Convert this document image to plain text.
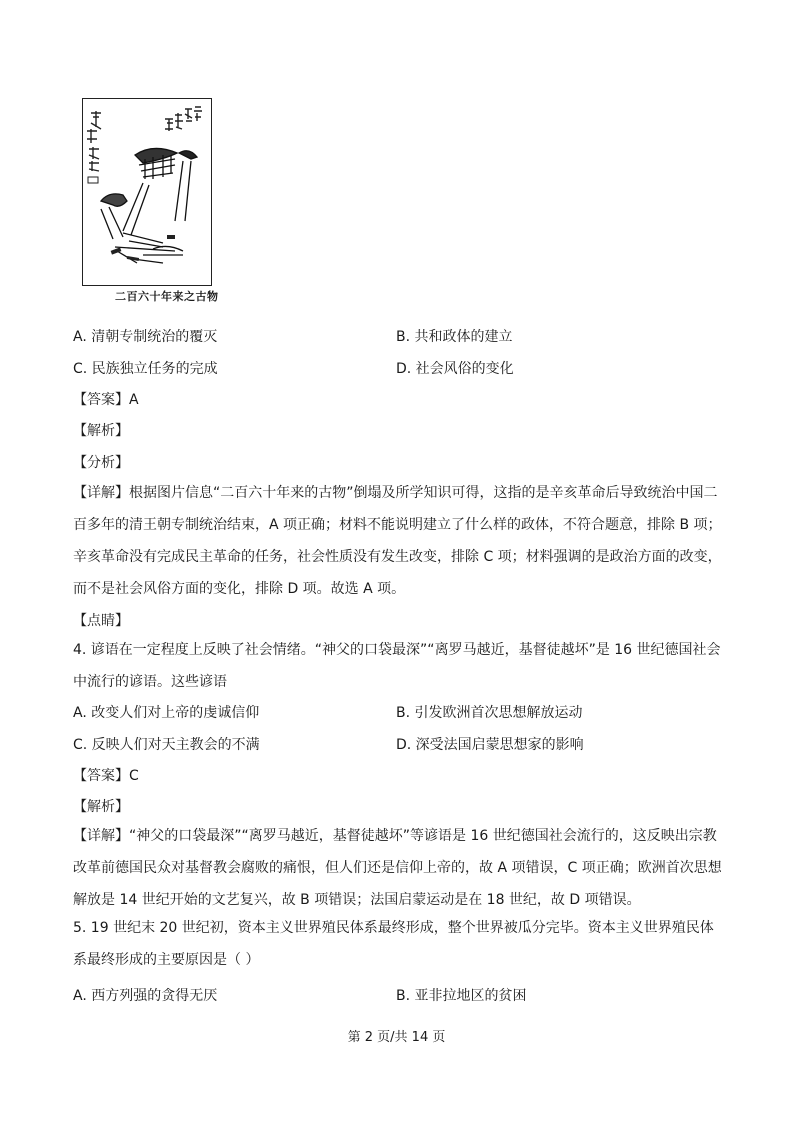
二百六十年来之古物
A. 清朝专制统治的覆灭	B. 共和政体的建立
C. 民族独立任务的完成	D. 社会风俗的变化
【答案】A
【解析】
【分析】
【详解】根据图片信息“二百六十年来的古物”倒塌及所学知识可得，这指的是辛亥革命后导致统治中国二百多年的清王朝专制统治结束，A 项正确；材料不能说明建立了什么样的政体，不符合题意，排除 B 项；辛亥革命没有完成民主革命的任务，社会性质没有发生改变，排除 C 项；材料强调的是政治方面的改变，而不是社会风俗方面的变化，排除 D 项。故选 A 项。
【点睛】
4. 谚语在一定程度上反映了社会情绪。“神父的口袋最深”“离罗马越近，基督徒越坏”是 16 世纪德国社会中流行的谚语。这些谚语
A. 改变人们对上帝的虔诚信仰	B. 引发欧洲首次思想解放运动
C. 反映人们对天主教会的不满	D. 深受法国启蒙思想家的影响
【答案】C
【解析】
【详解】“神父的口袋最深”“离罗马越近，基督徒越坏”等谚语是 16 世纪德国社会流行的，这反映出宗教改革前德国民众对基督教会腐败的痛恨，但人们还是信仰上帝的，故 A 项错误，C 项正确；欧洲首次思想解放是 14 世纪开始的文艺复兴，故 B 项错误；法国启蒙运动是在 18 世纪，故 D 项错误。
5. 19 世纪末 20 世纪初，资本主义世界殖民体系最终形成，整个世界被瓜分完毕。资本主义世界殖民体系最终形成的主要原因是（ ）
A. 西方列强的贪得无厌	B. 亚非拉地区的贫困
第 2 页/共 14 页
